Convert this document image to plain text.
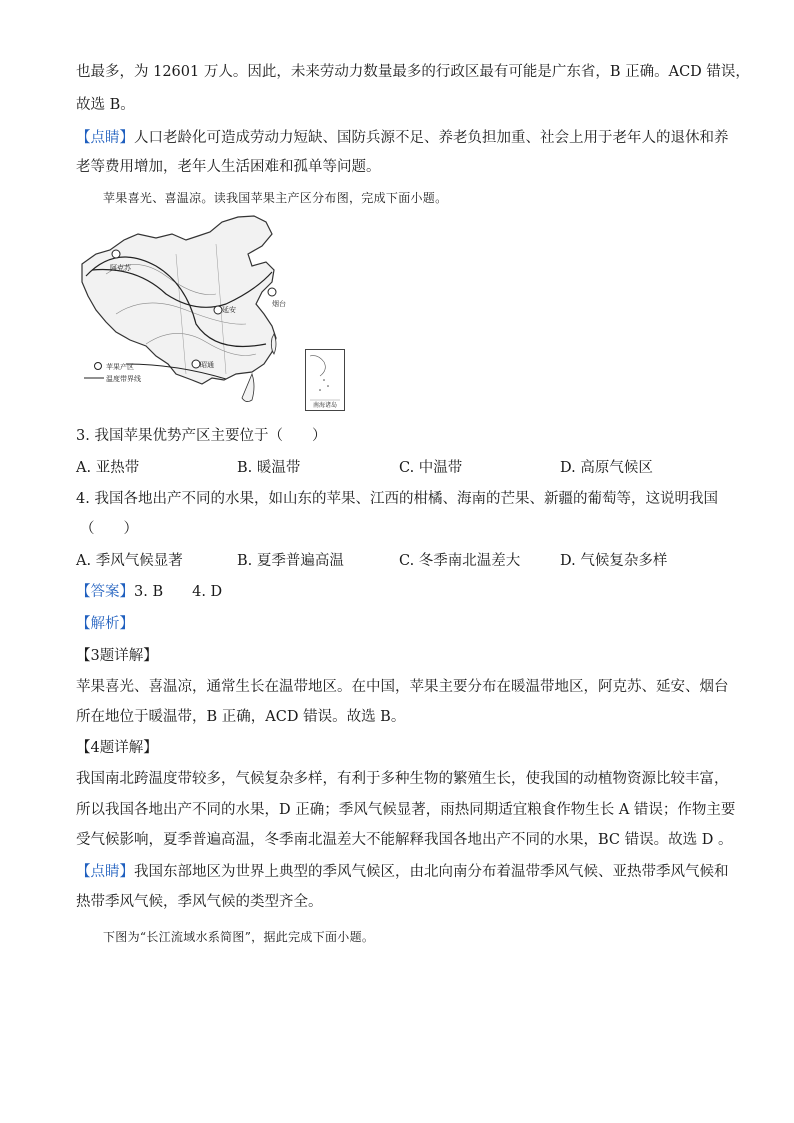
也最多，为 12601 万人。因此，未来劳动力数量最多的行政区最有可能是广东省，B 正确。ACD 错误，
故选 B。
【点睛】人口老龄化可造成劳动力短缺、国防兵源不足、养老负担加重、社会上用于老年人的退休和养
老等费用增加，老年人生活困难和孤单等问题。
苹果喜光、喜温凉。读我国苹果主产区分布图，完成下面小题。
阿克苏
延安
烟台
昭通
苹果产区
温度带界线
南海诸岛
3. 我国苹果优势产区主要位于（　　）
A. 亚热带	B. 暖温带	C. 中温带	D. 高原气候区
4. 我国各地出产不同的水果，如山东的苹果、江西的柑橘、海南的芒果、新疆的葡萄等，这说明我国
（　　）
A. 季风气候显著	B. 夏季普遍高温	C. 冬季南北温差大	D. 气候复杂多样
【答案】3. B　　4. D
【解析】
【3题详解】
苹果喜光、喜温凉，通常生长在温带地区。在中国，苹果主要分布在暖温带地区，阿克苏、延安、烟台
所在地位于暖温带，B 正确，ACD 错误。故选 B。
【4题详解】
我国南北跨温度带较多，气候复杂多样，有利于多种生物的繁殖生长，使我国的动植物资源比较丰富，
所以我国各地出产不同的水果，D 正确；季风气候显著，雨热同期适宜粮食作物生长 A 错误；作物主要
受气候影响，夏季普遍高温，冬季南北温差大不能解释我国各地出产不同的水果，BC 错误。故选 D 。
【点睛】我国东部地区为世界上典型的季风气候区，由北向南分布着温带季风气候、亚热带季风气候和
热带季风气候，季风气候的类型齐全。
下图为“长江流域水系简图”，据此完成下面小题。
